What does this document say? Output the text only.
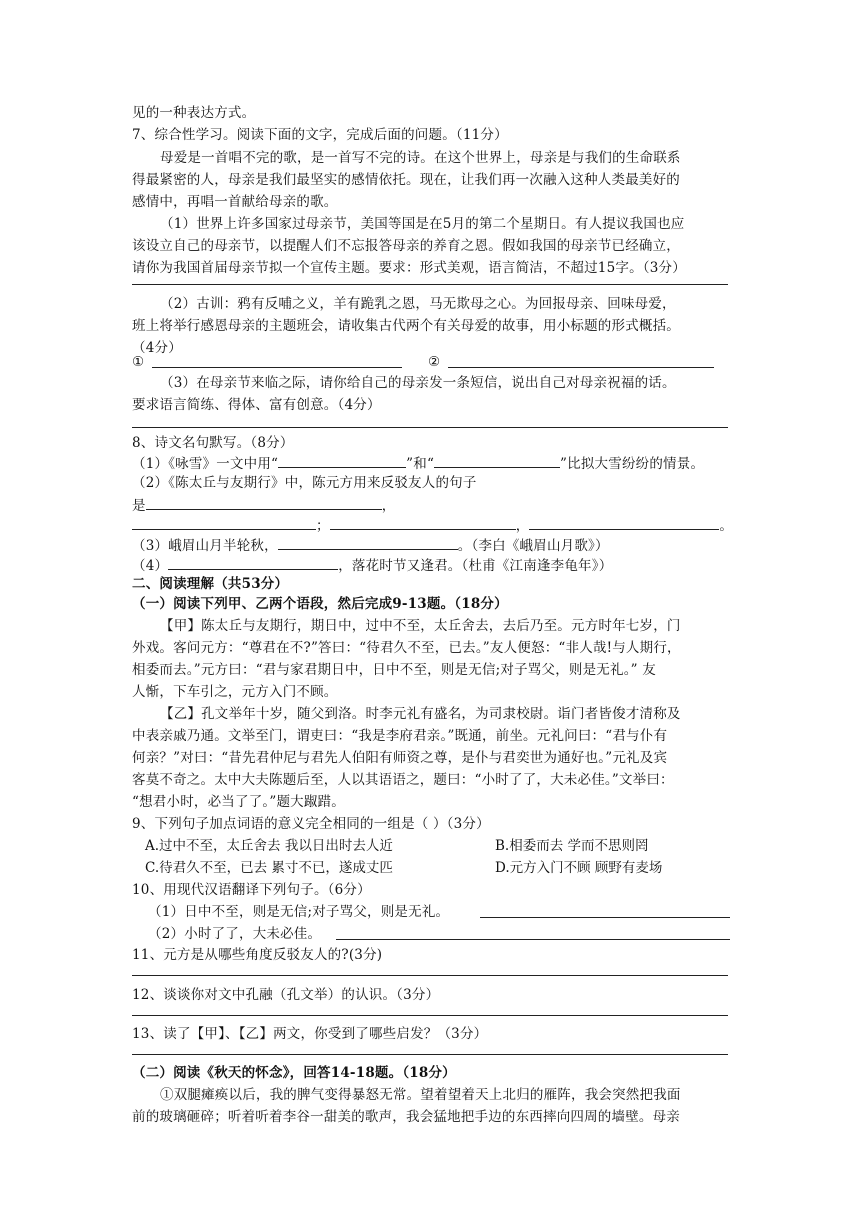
见的一种表达方式。
7、综合性学习。阅读下面的文字，完成后面的问题。（11分）
母爱是一首唱不完的歌，是一首写不完的诗。在这个世界上，母亲是与我们的生命联系
得最紧密的人，母亲是我们最坚实的感情依托。现在，让我们再一次融入这种人类最美好的
感情中，再唱一首献给母亲的歌。
（1）世界上许多国家过母亲节，美国等国是在5月的第二个星期日。有人提议我国也应
该设立自己的母亲节，以提醒人们不忘报答母亲的养育之恩。假如我国的母亲节已经确立，
请你为我国首届母亲节拟一个宣传主题。要求：形式美观，语言简洁，不超过15字。（3分）
（2）古训：鸦有反哺之义，羊有跪乳之恩，马无欺母之心。为回报母亲、回味母爱，
班上将举行感恩母亲的主题班会，请收集古代两个有关母爱的故事，用小标题的形式概括。
（4分）
①	②
（3）在母亲节来临之际，请你给自己的母亲发一条短信，说出自己对母亲祝福的话。
要求语言简练、得体、富有创意。（4分）
8、诗文名句默写。（8分）
（1）《咏雪》一文中用“	”和“	”比拟大雪纷纷的情景。
（2）《陈太丘与友期行》中，陈元方用来反驳友人的句子
是	，
；	，	。
（3）峨眉山月半轮秋，	。（李白《峨眉山月歌》）
（4）	，落花时节又逢君。（杜甫《江南逢李龟年》）
二、阅读理解（共53分）
（一）阅读下列甲、乙两个语段，然后完成9-13题。（18分）
【甲】陈太丘与友期行，期日中，过中不至，太丘舍去，去后乃至。元方时年七岁，门
外戏。客问元方：“尊君在不?”答曰：“待君久不至，已去。”友人便怒：“非人哉!与人期行，
相委而去。”元方曰：“君与家君期日中，日中不至，则是无信;对子骂父，则是无礼。” 友
人惭，下车引之，元方入门不顾。
【乙】孔文举年十岁，随父到洛。时李元礼有盛名，为司隶校尉。诣门者皆俊才清称及
中表亲戚乃通。文举至门，谓吏曰：“我是李府君亲。”既通，前坐。元礼问曰：“君与仆有
何亲？”对曰：“昔先君仲尼与君先人伯阳有师资之尊，是仆与君奕世为通好也。”元礼及宾
客莫不奇之。太中大夫陈题后至，人以其语语之，题曰：“小时了了，大未必佳。”文举曰：
“想君小时，必当了了。”题大踧踖。
9、下列句子加点词语的意义完全相同的一组是（ ）（3分）
A.过中不至，太丘舍去 我以日出时去人近	B.相委而去 学而不思则罔
C.待君久不至，已去 累寸不已，遂成丈匹	D.元方入门不顾 顾野有麦场
10、用现代汉语翻译下列句子。（6分）
（1）日中不至，则是无信;对子骂父，则是无礼。
（2）小时了了，大未必佳。
11、元方是从哪些角度反驳友人的?(3分)
12、谈谈你对文中孔融（孔文举）的认识。（3分）
13、读了【甲】、【乙】两文，你受到了哪些启发？（3分）
（二）阅读《秋天的怀念》，回答14-18题。（18分）
①双腿瘫痪以后，我的脾气变得暴怒无常。望着望着天上北归的雁阵，我会突然把我面
前的玻璃砸碎；听着听着李谷一甜美的歌声，我会猛地把手边的东西摔向四周的墙壁。母亲
